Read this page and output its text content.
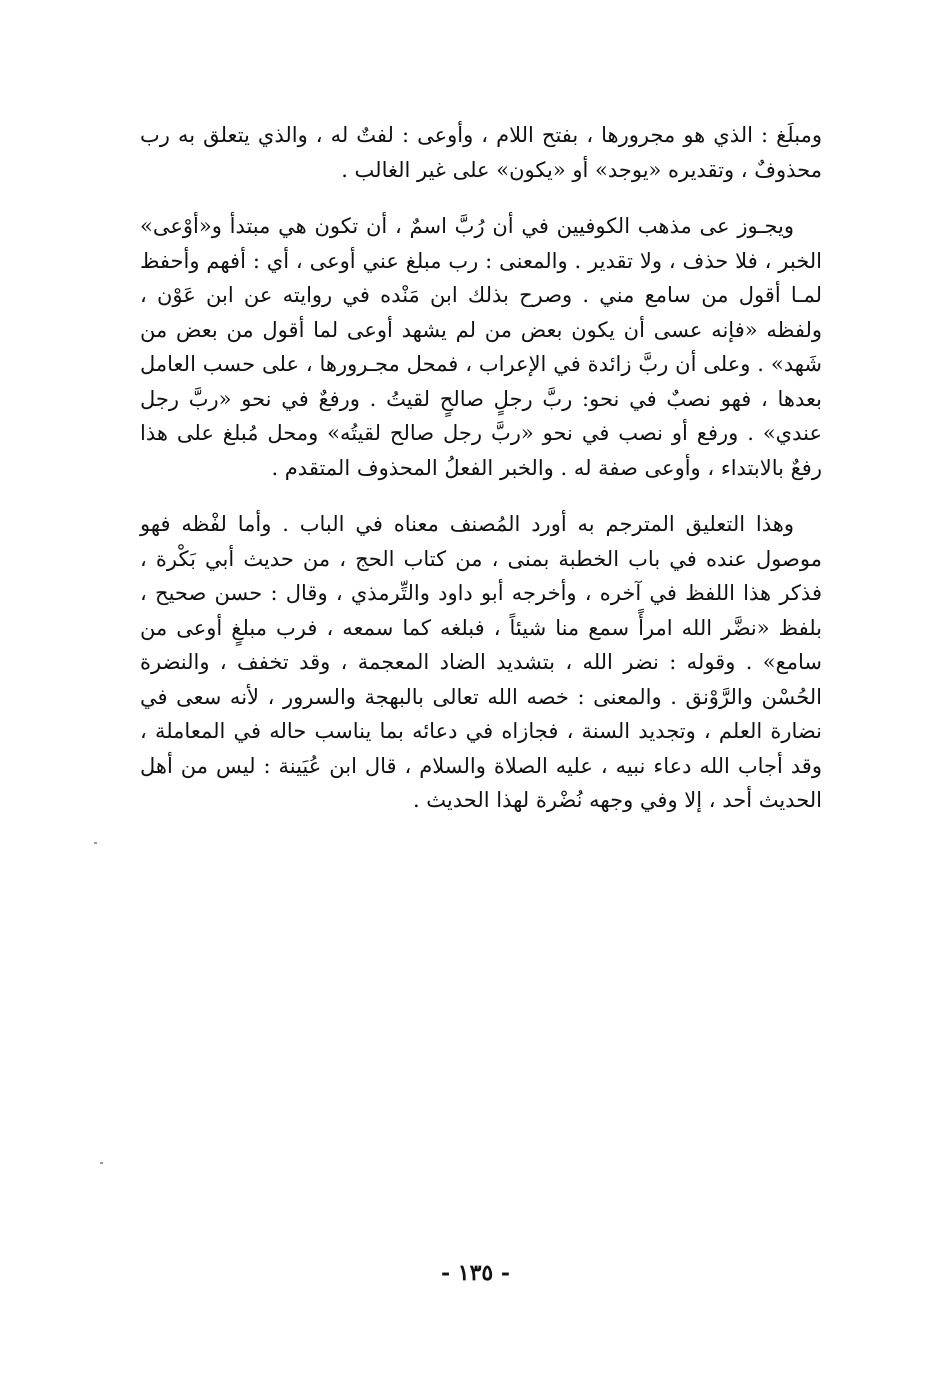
ومبلَغ : الذي هو مجرورها ، بفتح اللام ، وأوعى : لفتٌ له ، والذي يتعلق به رب محذوفٌ ، وتقديره «يوجد» أو «يكون» على غير الغالب .

ويجـوز عى مذهب الكوفيين في أن رُبَّ اسمٌ ، أن تكون هي مبتدأ و«أوْعى» الخبر ، فلا حذف ، ولا تقدير . والمعنى : رب مبلغ عني أوعى ، أي : أفهم وأحفظ لمـا أقول من سامع مني . وصرح بذلك ابن مَنْده في روايته عن ابن عَوْن ، ولفظه «فإنه عسى أن يكون بعض من لم يشهد أوعى لما أقول من بعض من شَهد» . وعلى أن ربَّ زائدة في الإعراب ، فمحل مجـرورها ، على حسب العامل بعدها ، فهو نصبٌ في نحو: ربَّ رجلٍ صالحٍ لقيتُ . ورفعٌ في نحو «ربَّ رجل عندي» . ورفع أو نصب في نحو «ربَّ رجل صالح لقيتُه» ومحل مُبلغ على هذا رفعٌ بالابتداء ، وأوعى صفة له . والخبر الفعلُ المحذوف المتقدم .

وهذا التعليق المترجم به أورد المُصنف معناه في الباب . وأما لفْظه فهو موصول عنده في باب الخطبة بمنى ، من كتاب الحج ، من حديث أبي بَكْرة ، فذكر هذا اللفظ في آخره ، وأخرجه أبو داود والتِّرمذي ، وقال : حسن صحيح ، بلفظ «نضَّر الله امرأً سمع منا شيئاً ، فبلغه كما سمعه ، فرب مبلغٍ أوعى من سامع» . وقوله : نضر الله ، بتشديد الضاد المعجمة ، وقد تخفف ، والنضرة الحُسْن والرَّوْنق . والمعنى : خصه الله تعالى بالبهجة والسرور ، لأنه سعى في نضارة العلم ، وتجديد السنة ، فجازاه في دعائه بما يناسب حاله في المعاملة ، وقد أجاب الله دعاء نبيه ، عليه الصلاة والسلام ، قال ابن عُيَينة : ليس من أهل الحديث أحد ، إلا وفي وجهه نُضْرة لهذا الحديث .

- ١٣٥ -
